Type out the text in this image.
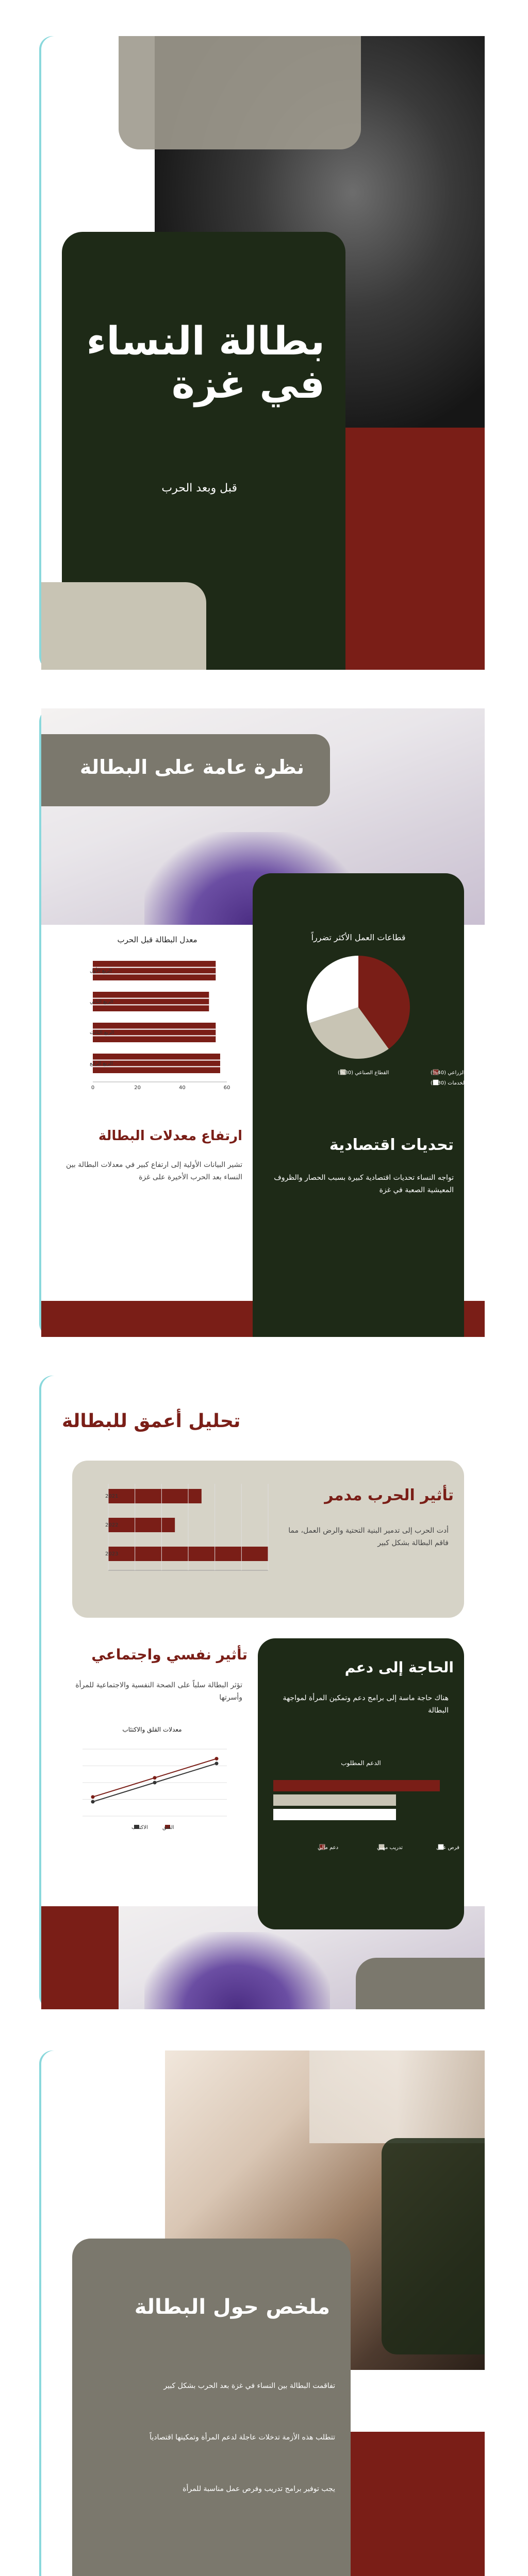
بطالة النساء في غزة
قبل وبعد الحرب
نظرة عامة على البطالة
قطاعات العمل الأكثر تضرراً
القطاع الزراعي (40%)
القطاع الصناعي (30%)
قطاع الخدمات (30%)
تحديات اقتصادية
تواجه النساء تحديات اقتصادية كبيرة بسبب الحصار والظروف المعيشية الصعبة في غزة
معدل البطالة قبل الحرب
الربع الأول
الربع الثاني
الربع الثالث
الربع الرابع
0	20	40	60
ارتفاع معدلات البطالة
تشير البيانات الأولية إلى ارتفاع كبير في معدلات البطالة بين النساء بعد الحرب الأخيرة على غزة
تحليل أعمق للبطالة
2021
2022
2023
تأثير الحرب مدمر
أدت الحرب إلى تدمير البنية التحتية والرض العمل، مما فاقم البطالة بشكل كبير
الحاجة إلى دعم
هناك حاجة ماسة إلى برامج دعم وتمكين المرأة لمواجهة البطالة
الدعم المطلوب
فرص عمل
تدريب مهني
دعم مالي
تأثير نفسي واجتماعي
تؤثر البطالة سلباً على الصحة النفسية والاجتماعية للمرأة وأسرتها
معدلات القلق والاكتئاب
القلق
الاكتئاب
ملخص حول البطالة
تفاقمت البطالة بين النساء في غزة بعد الحرب بشكل كبير
تتطلب هذه الأزمة تدخلات عاجلة لدعم المرأة وتمكينها اقتصادياً
يجب توفير برامج تدريب وفرص عمل مناسبة للمرأة
